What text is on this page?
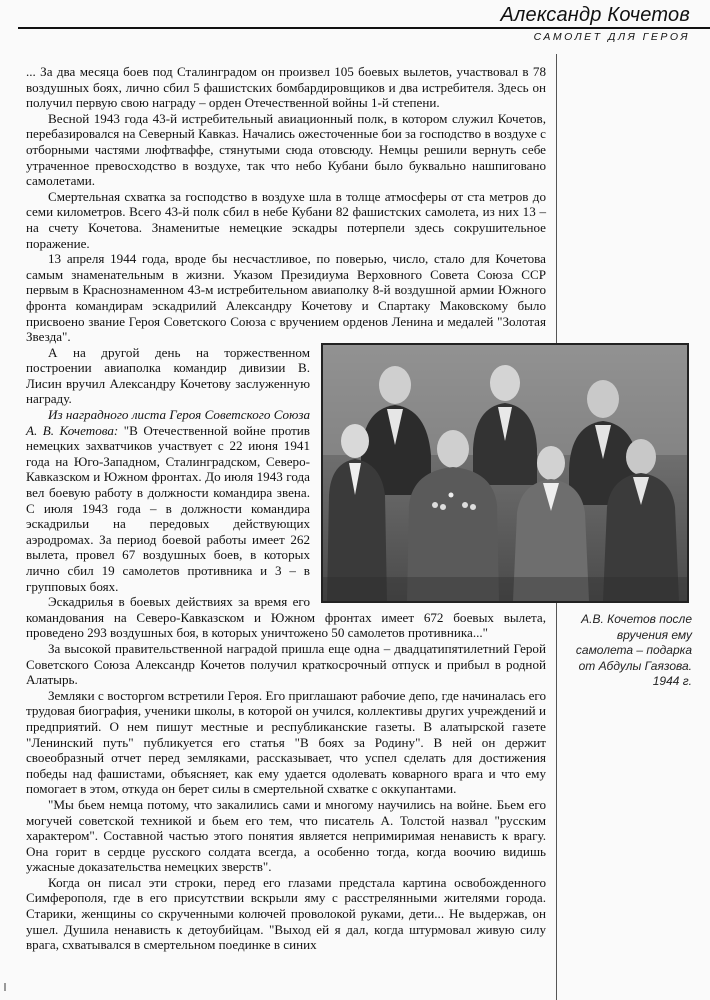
Александр Кочетов
САМОЛЕТ ДЛЯ ГЕРОЯ

... За два месяца боев под Сталинградом он произвел 105 боевых вылетов, участвовал в 78 воздушных боях, лично сбил 5 фашистских бомбардировщиков и два истребителя. Здесь он получил первую свою награду – орден Отечественной войны 1-й степени.

Весной 1943 года 43-й истребительный авиационный полк, в котором служил Кочетов, перебазировался на Северный Кавказ. Начались ожесточенные бои за господство в воздухе с отборными частями люфтваффе, стянутыми сюда отовсюду. Немцы решили вернуть себе утраченное превосходство в воздухе, так что небо Кубани было буквально нашпиговано самолетами.

Смертельная схватка за господство в воздухе шла в толще атмосферы от ста метров до семи километров. Всего 43-й полк сбил в небе Кубани 82 фашистских самолета, из них 13 – на счету Кочетова. Знаменитые немецкие эскадры потерпели здесь сокрушительное поражение.

13 апреля 1944 года, вроде бы несчастливое, по поверью, число, стало для Кочетова самым знаменательным в жизни. Указом Президиума Верховного Совета Союза ССР первым в Краснознаменном 43-м истребительном авиаполку 8-й воздушной армии Южного фронта командирам эскадрилий Александру Кочетову и Спартаку Маковскому было присвоено звание Героя Советского Союза с вручением орденов Ленина и медалей "Золотая Звезда".

А на другой день на торжественном построении авиаполка командир дивизии В. Лисин вручил Александру Кочетову заслуженную награду.

Из наградного листа Героя Советского Союза А. В. Кочетова: "В Отечественной войне против немецких захватчиков участвует с 22 июня 1941 года на Юго-Западном, Сталинградском, Северо-Кавказском и Южном фронтах. До июля 1943 года вел боевую работу в должности командира звена. С июля 1943 года – в должности командира эскадрильи на передовых действующих аэродромах. За период боевой работы имеет 262 вылета, провел 67 воздушных боев, в которых лично сбил 19 самолетов противника и 3 – в групповых боях.

Эскадрилья в боевых действиях за время его командования на Северо-Кавказском и Южном фронтах имеет 672 боевых вылета, проведено 293 воздушных боя, в которых уничтожено 50 самолетов противника..."

За высокой правительственной наградой пришла еще одна – двадцатипятилетний Герой Советского Союза Александр Кочетов получил краткосрочный отпуск и прибыл в родной Алатырь.

Земляки с восторгом встретили Героя. Его приглашают рабочие депо, где начиналась его трудовая биография, ученики школы, в которой он учился, коллективы других учреждений и предприятий. О нем пишут местные и республиканские газеты. В алатырской газете "Ленинский путь" публикуется его статья "В боях за Родину". В ней он держит своеобразный отчет перед земляками, рассказывает, что успел сделать для достижения победы над фашистами, объясняет, как ему удается одолевать коварного врага и что ему помогает в этом, откуда он берет силы в смертельной схватке с оккупантами.

"Мы бьем немца потому, что закалились сами и многому научились на войне. Бьем его могучей советской техникой и бьем его тем, что писатель А. Толстой назвал "русским характером". Составной частью этого понятия является непримиримая ненависть к врагу. Она горит в сердце русского солдата всегда, а особенно тогда, когда воочию видишь ужасные доказательства немецких зверств".

Когда он писал эти строки, перед его глазами предстала картина освобожденного Симферополя, где в его присутствии вскрыли яму с расстрелянными жителями города. Старики, женщины со скрученными колючей проволокой руками, дети... Не выдержав, он ушел. Душила ненависть к детоубийцам. "Выход ей я дал, когда штурмовал живую силу врага, схватывался в смертельном поединке в синих

А.В. Кочетов после вручения ему самолета – подарка от Абдулы Гаязова. 1944 г.
